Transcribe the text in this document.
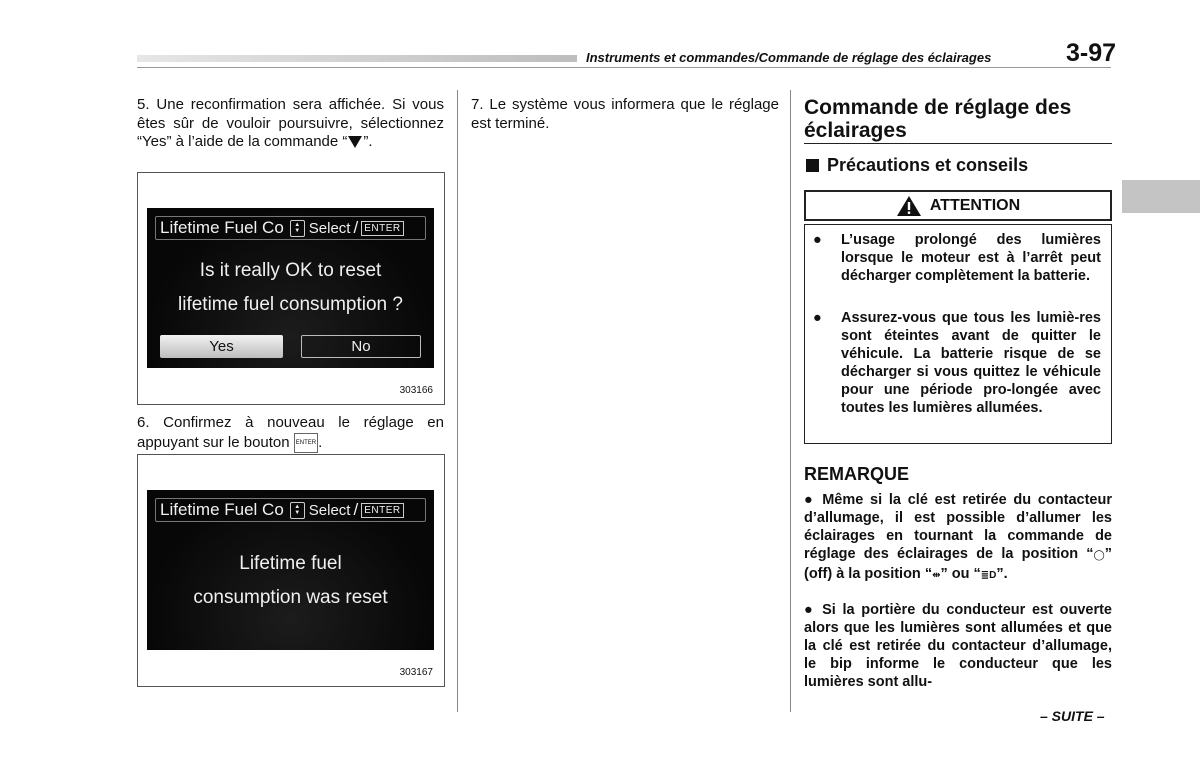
Instruments et commandes/Commande de réglage des éclairages	3-97
5. Une reconfirmation sera affichée. Si vous êtes sûr de vouloir poursuivre, sélectionnez “Yes” à l’aide de la commande “ ”.
Lifetime Fuel Co	▲
▼ Select / ENTER
Is it really OK to reset
lifetime fuel consumption ?
Yes	No
303166
6. Confirmez à nouveau le réglage en appuyant sur le bouton ENTER .
Lifetime Fuel Co	▲
▼ Select / ENTER
Lifetime fuel
consumption was reset
303167
7. Le système vous informera que le réglage est terminé.
Commande de réglage des éclairages
Précautions et conseils
ATTENTION
● L’usage prolongé des lumières lorsque le moteur est à l’arrêt peut décharger complètement la batterie.
● Assurez-vous que tous les lumiè-res sont éteintes avant de quitter le véhicule. La batterie risque de se décharger si vous quittez le véhicule pour une période pro-longée avec toutes les lumières allumées.
REMARQUE
● Même si la clé est retirée du contacteur d’allumage, il est possible d’allumer les éclairages en tournant la commande de réglage des éclairages de la position “◯” (off) à la position “⇹” ou “≣D”.
● Si la portière du conducteur est ouverte alors que les lumières sont allumées et que la clé est retirée du contacteur d’allumage, le bip informe le conducteur que les lumières sont allu-
– SUITE –
